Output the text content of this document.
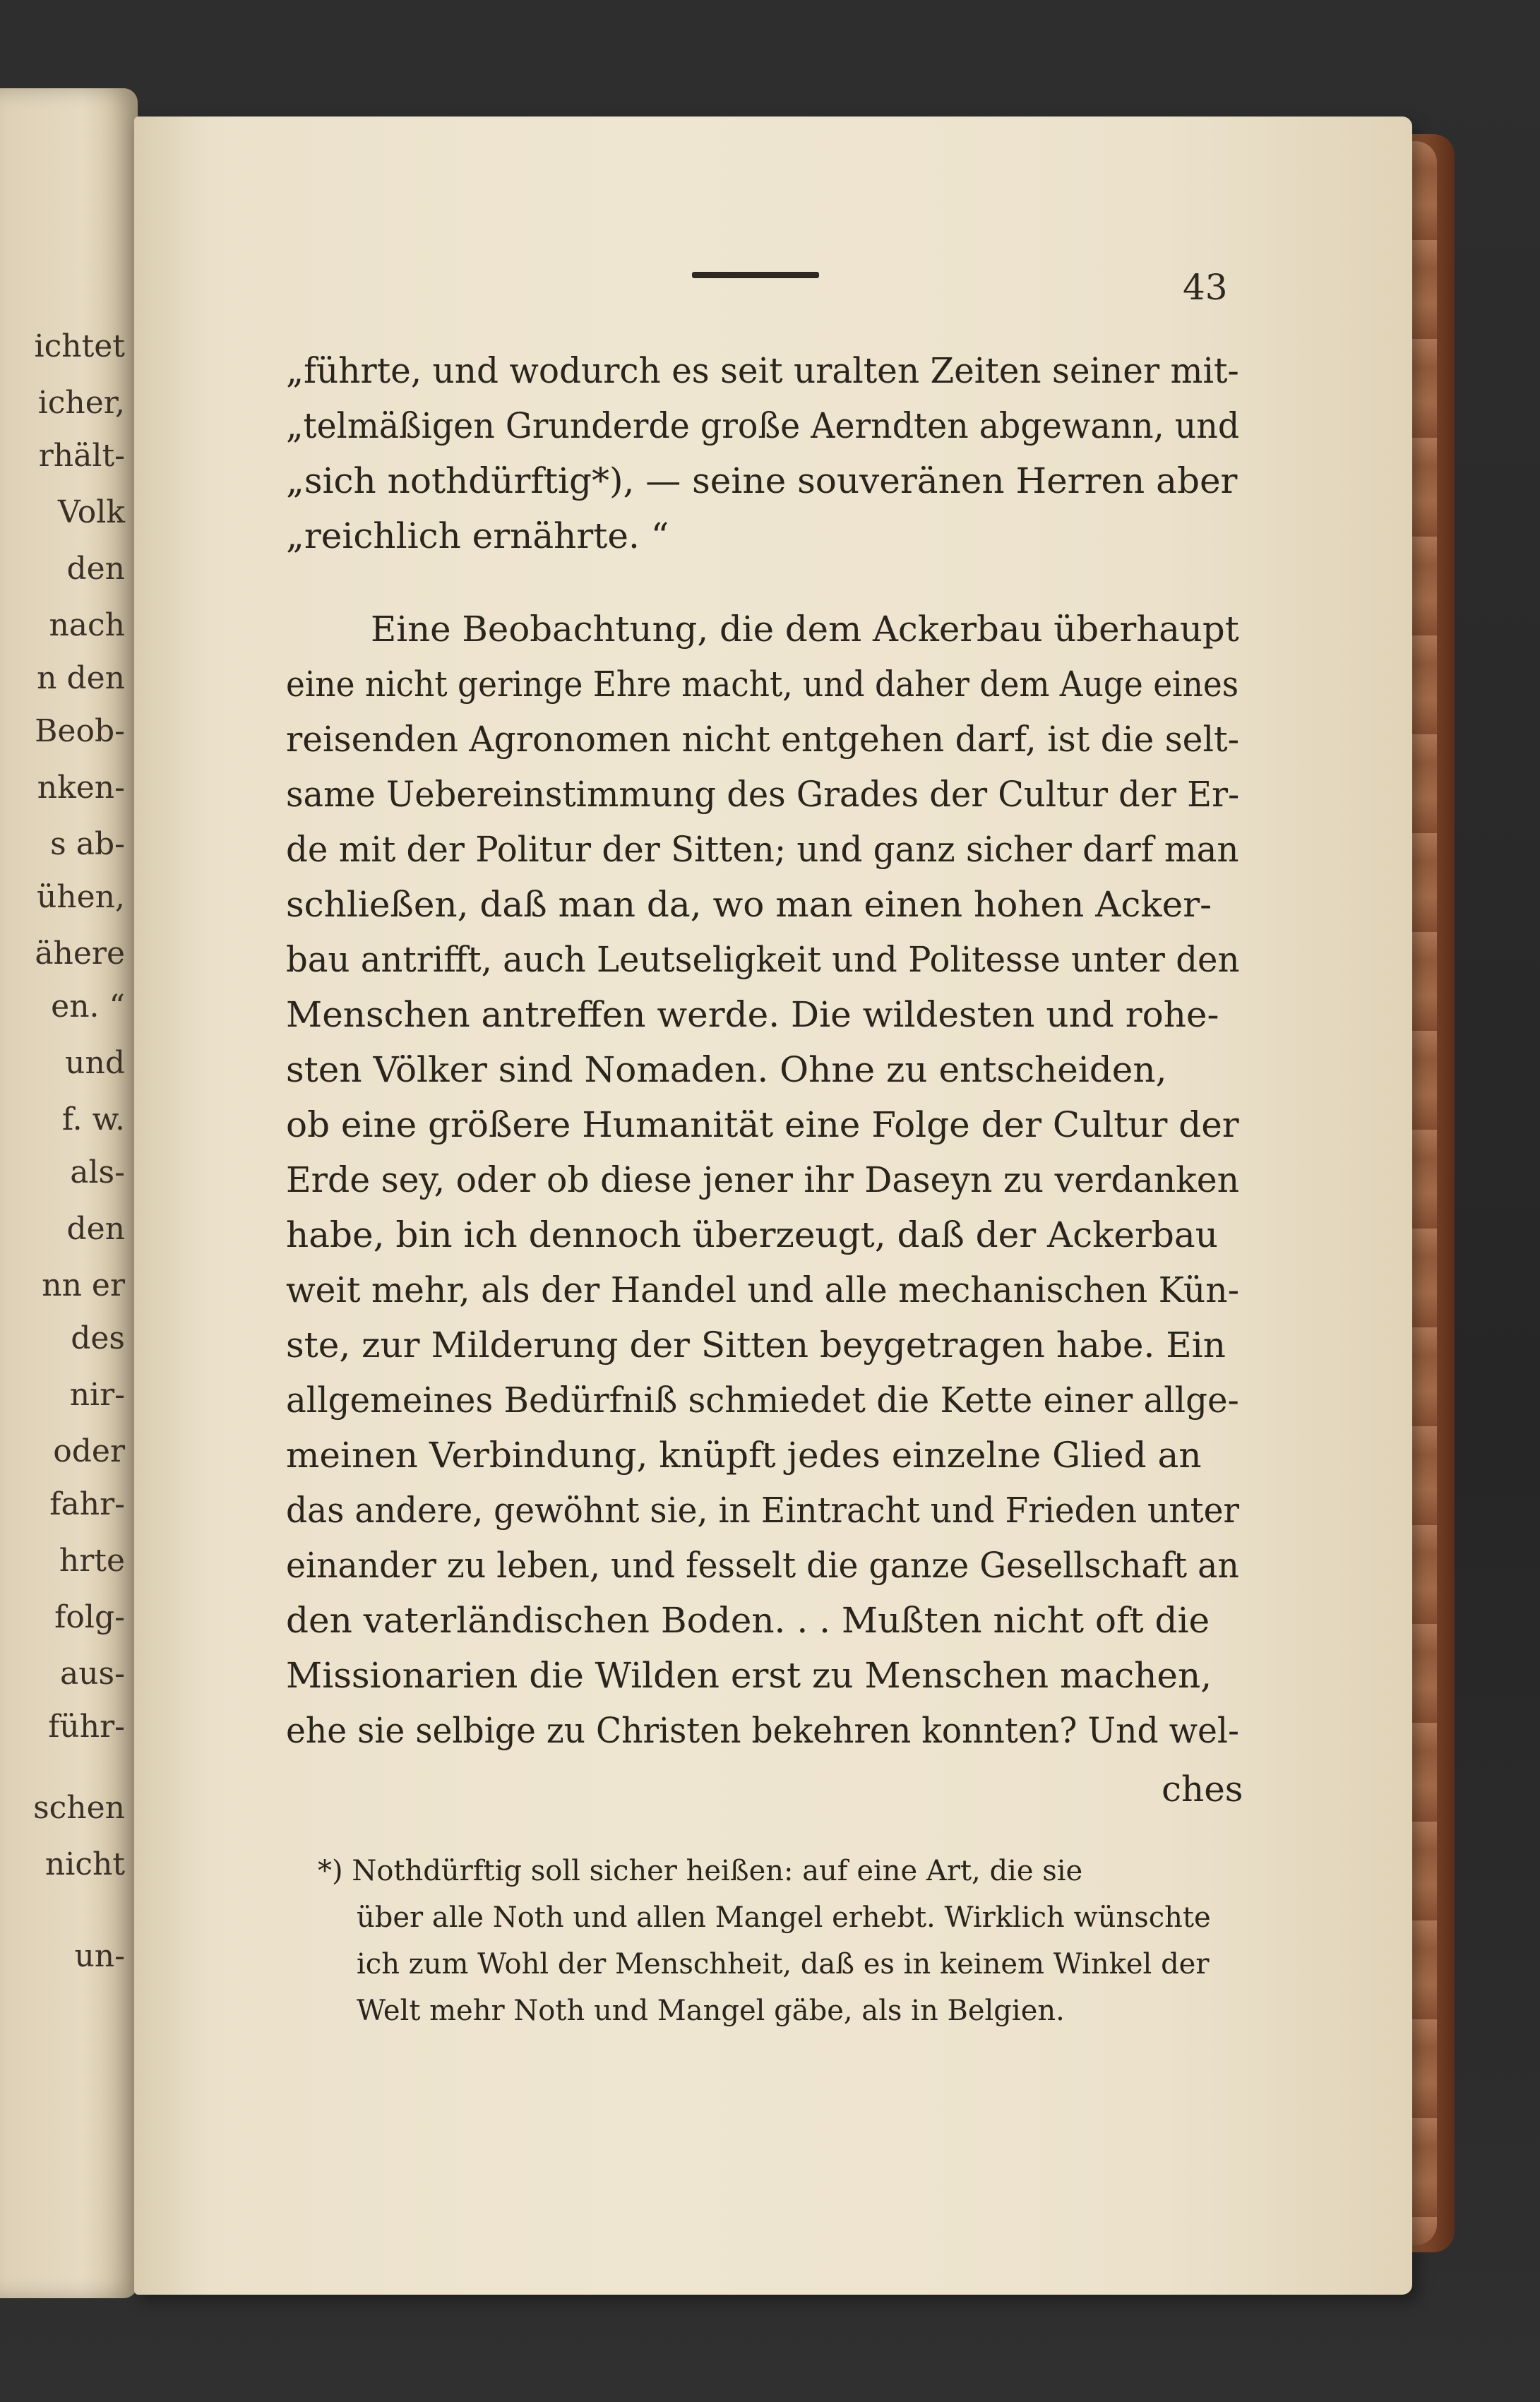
ichtet
icher,
rhält-
Volk
den
nach
n den
Beob-
nken-
s ab-
ühen,
ähere
en. “
und
f. w.
als-
den
nn er
des
nir-
oder
fahr-
hrte
folg-
aus-
führ-
schen
nicht
un-
43
„führte, und wodurch es seit uralten Zeiten seiner mit-
„telmäßigen Grunderde große Aerndten abgewann, und
„sich nothdürftig*), — seine souveränen Herren aber
„reichlich ernährte. “
Eine Beobachtung, die dem Ackerbau überhaupt
eine nicht geringe Ehre macht, und daher dem Auge eines
reisenden Agronomen nicht entgehen darf, ist die selt-
same Uebereinstimmung des Grades der Cultur der Er-
de mit der Politur der Sitten; und ganz sicher darf man
schließen, daß man da, wo man einen hohen Acker-
bau antrifft, auch Leutseligkeit und Politesse unter den
Menschen antreffen werde. Die wildesten und rohe-
sten Völker sind Nomaden. Ohne zu entscheiden,
ob eine größere Humanität eine Folge der Cultur der
Erde sey, oder ob diese jener ihr Daseyn zu verdanken
habe, bin ich dennoch überzeugt, daß der Ackerbau
weit mehr, als der Handel und alle mechanischen Kün-
ste, zur Milderung der Sitten beygetragen habe. Ein
allgemeines Bedürfniß schmiedet die Kette einer allge-
meinen Verbindung, knüpft jedes einzelne Glied an
das andere, gewöhnt sie, in Eintracht und Frieden unter
einander zu leben, und fesselt die ganze Gesellschaft an
den vaterländischen Boden. . . Mußten nicht oft die
Missionarien die Wilden erst zu Menschen machen,
ehe sie selbige zu Christen bekehren konnten? Und wel-
ches
*) Nothdürftig soll sicher heißen: auf eine Art, die sie
über alle Noth und allen Mangel erhebt. Wirklich wünschte
ich zum Wohl der Menschheit, daß es in keinem Winkel der
Welt mehr Noth und Mangel gäbe, als in Belgien.
